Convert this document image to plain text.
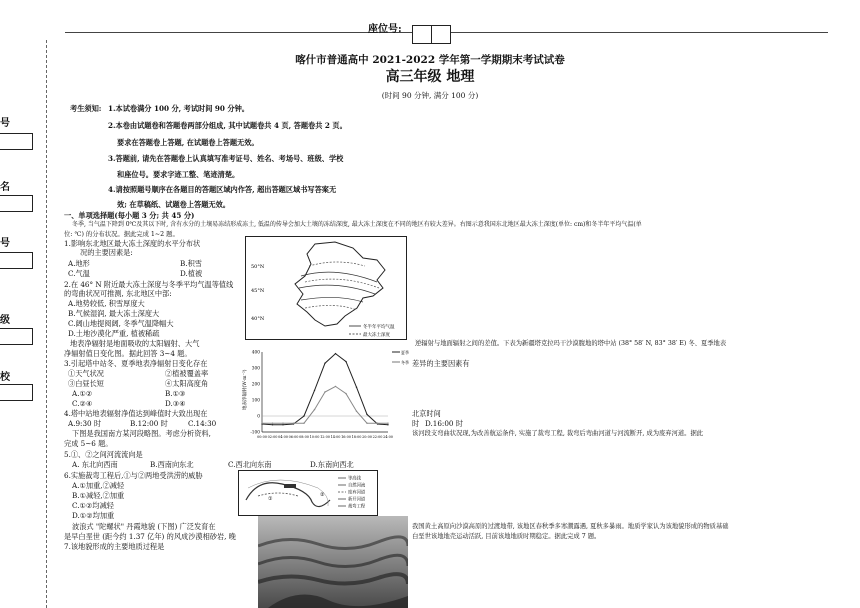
座位号:
喀什市普通高中 2021-2022 学年第一学期期末考试试卷
高三年级 地理
(时间 90 分钟, 满分 100 分)
号
名
号
级
校
考生须知: 1.本试卷满分 100 分, 考试时间 90 分钟。
2.本卷由试题卷和答题卷两部分组成, 其中试题卷共 4 页, 答题卷共 2 页。
要求在答题卷上答题, 在试题卷上答题无效。
3.答题前, 请先在答题卷上认真填写准考证号、姓名、考场号、班级、学校
和座位号。要求字迹工整、笔迹清楚。
4.请按照题号顺序在各题目的答题区域内作答, 超出答题区域书写答案无
效; 在草稿纸、试题卷上答题无效。
一、单项选择题(每小题 3 分; 共 45 分)
冬季, 当气温下降到 0℃及其以下时, 含有水分的土壤易冻结形成冻土, 低温的传导会加大土壤的冻结深度, 最大冻土深度在不同的地区有较大差异。右图示意我国东北地区最大冻土深度(单位: cm)和冬半年平均气温(单
位: ℃) 的分布状况。据此完成 1~2 题。
1.影响东北地区最大冻土深度的水平分布状
况的主要因素是:
A.地形	B.积雪
C.气温	D.植被
2.在 46° N 附近最大冻土深度与冬季平均气温等值线
的弯曲状况可推测, 东北地区中部:
A.地势较低, 积雪厚度大
B.气候湿润, 最大冻土深度大
C.阔山地提阅阔, 冬季气温降幅大
D.土地沙漠化严重, 植被稀疏
地表净辐射是地面吸收的太阳辐射、大气	逆辐射与地面辐射之间的差值。下表为新疆塔克拉玛干沙漠腹地的塔中站 (38° 58′ N, 83° 38′ E) 冬、夏季地表
净辐射值日变化图。据此回答 3~4 题。
3.引起塔中站冬、夏季地表净辐射日变化存在	差异的主要因素有
①天气状况	②植被覆盖率
③白昼长短	④太阳高度角
A.①②	B.①③
C.②④	D.③④
4.塔中站地表辐射净值达到峰值时大致出现在	北京时间
A.9:30 时	B.12:00 时	C.14:30	时 D.16:00 时
下图是我国南方某河段略图。考虑分析资料,	该河段支弯曲状况现,为改善航运条件, 实施了裁弯工程, 裁弯后弯曲河道与河流断开, 成为废弃河道。据此
完成 5~6 题。
5.①、②之间河流流向是
A. 东北向西南	B.西南向东北	C.西北向东南	D.东南向西北
6.实施裁弯工程后,①与②两地受洪涝的威胁
A.①加重,②减轻
B.①减轻,②加重
C.①②均减轻
D.①②均加重
波浪式 "陀螺状" 丹霞地貌 (下图) 广泛发育在	我国黄土高原向沙漠高原的过渡地带, 该地区春秋季多寒潮露遇, 夏秋多暴雨。地质学家认为该地貌形成的物质基础
是早白垩世 (距今约 1.37 亿年) 的风成沙漠相砂岩, 晚	白垩世该地地壳运动活跃, 目前该地地质时期稳定。据此完成 7 题。
7.该地貌形成的主要地质过程是
50°N
45°N
40°N
冬半年平均气温
最大冻土深度
地表净辐射(W·m⁻²)
400
300
200
100
0
-100
00:00 02:00 04:00 06:00 08:00 10:00 12:00 14:00 16:00 18:00 20:00 22:00 24:00
夏季
冬季
①
②
等高线
自然河流
废弃河道
新开河道
裁弯工程
